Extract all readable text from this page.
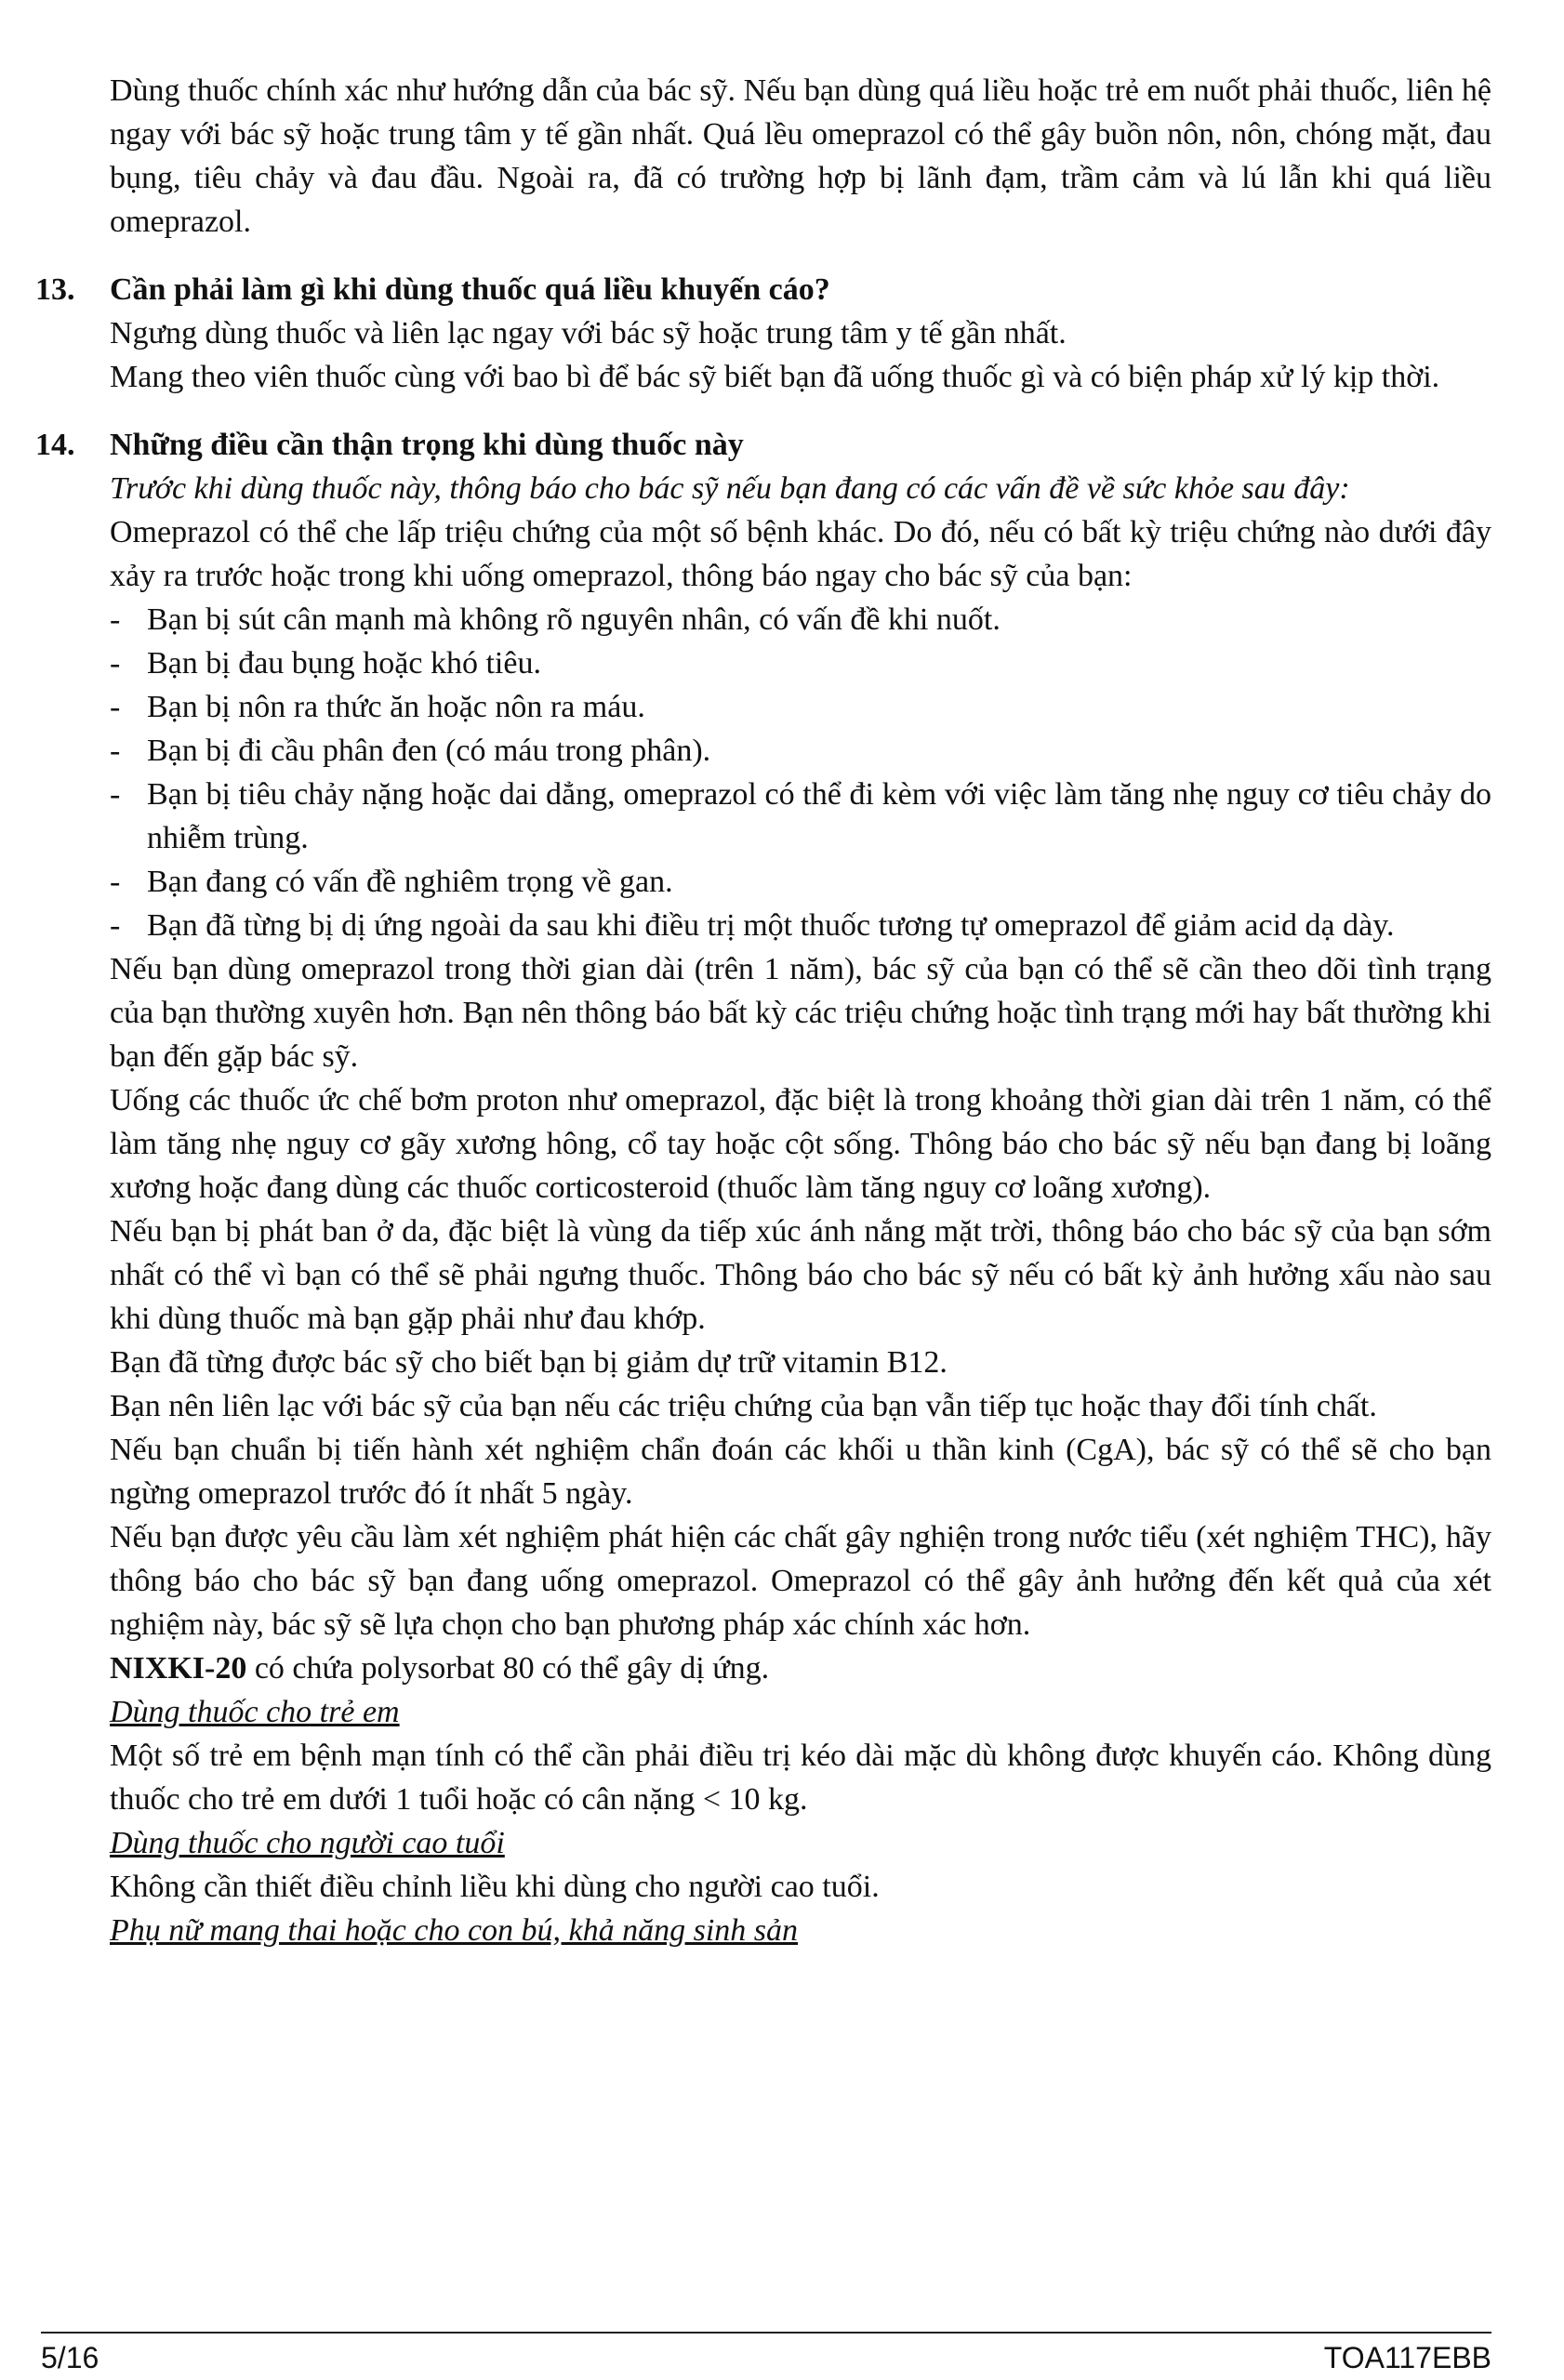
Dùng thuốc chính xác như hướng dẫn của bác sỹ. Nếu bạn dùng quá liều hoặc trẻ em nuốt phải thuốc, liên hệ ngay với bác sỹ hoặc trung tâm y tế gần nhất. Quá lều omeprazol có thể gây buồn nôn, nôn, chóng mặt, đau bụng, tiêu chảy và đau đầu. Ngoài ra, đã có trường hợp bị lãnh đạm, trầm cảm và lú lẫn khi quá liều omeprazol.

13. Cần phải làm gì khi dùng thuốc quá liều khuyến cáo?

Ngưng dùng thuốc và liên lạc ngay với bác sỹ hoặc trung tâm y tế gần nhất.

Mang theo viên thuốc cùng với bao bì để bác sỹ biết bạn đã uống thuốc gì và có biện pháp xử lý kịp thời.

14. Những điều cần thận trọng khi dùng thuốc này

Trước khi dùng thuốc này, thông báo cho bác sỹ nếu bạn đang có các vấn đề về sức khỏe sau đây:

Omeprazol có thể che lấp triệu chứng của một số bệnh khác. Do đó, nếu có bất kỳ triệu chứng nào dưới đây xảy ra trước hoặc trong khi uống omeprazol, thông báo ngay cho bác sỹ của bạn:

- Bạn bị sút cân mạnh mà không rõ nguyên nhân, có vấn đề khi nuốt.
- Bạn bị đau bụng hoặc khó tiêu.
- Bạn bị nôn ra thức ăn hoặc nôn ra máu.
- Bạn bị đi cầu phân đen (có máu trong phân).
- Bạn bị tiêu chảy nặng hoặc dai dẳng, omeprazol có thể đi kèm với việc làm tăng nhẹ nguy cơ tiêu chảy do nhiễm trùng.
- Bạn đang có vấn đề nghiêm trọng về gan.
- Bạn đã từng bị dị ứng ngoài da sau khi điều trị một thuốc tương tự omeprazol để giảm acid dạ dày.

Nếu bạn dùng omeprazol trong thời gian dài (trên 1 năm), bác sỹ của bạn có thể sẽ cần theo dõi tình trạng của bạn thường xuyên hơn. Bạn nên thông báo bất kỳ các triệu chứng hoặc tình trạng mới hay bất thường khi bạn đến gặp bác sỹ.

Uống các thuốc ức chế bơm proton như omeprazol, đặc biệt là trong khoảng thời gian dài trên 1 năm, có thể làm tăng nhẹ nguy cơ gãy xương hông, cổ tay hoặc cột sống. Thông báo cho bác sỹ nếu bạn đang bị loãng xương hoặc đang dùng các thuốc corticosteroid (thuốc làm tăng nguy cơ loãng xương).

Nếu bạn bị phát ban ở da, đặc biệt là vùng da tiếp xúc ánh nắng mặt trời, thông báo cho bác sỹ của bạn sớm nhất có thể vì bạn có thể sẽ phải ngưng thuốc. Thông báo cho bác sỹ nếu có bất kỳ ảnh hưởng xấu nào sau khi dùng thuốc mà bạn gặp phải như đau khớp.

Bạn đã từng được bác sỹ cho biết bạn bị giảm dự trữ vitamin B12.

Bạn nên liên lạc với bác sỹ của bạn nếu các triệu chứng của bạn vẫn tiếp tục hoặc thay đổi tính chất.

Nếu bạn chuẩn bị tiến hành xét nghiệm chẩn đoán các khối u thần kinh (CgA), bác sỹ có thể sẽ cho bạn ngừng omeprazol trước đó ít nhất 5 ngày.

Nếu bạn được yêu cầu làm xét nghiệm phát hiện các chất gây nghiện trong nước tiểu (xét nghiệm THC), hãy thông báo cho bác sỹ bạn đang uống omeprazol. Omeprazol có thể gây ảnh hưởng đến kết quả của xét nghiệm này, bác sỹ sẽ lựa chọn cho bạn phương pháp xác chính xác hơn.

NIXKI-20 có chứa polysorbat 80 có thể gây dị ứng.

Dùng thuốc cho trẻ em

Một số trẻ em bệnh mạn tính có thể cần phải điều trị kéo dài mặc dù không được khuyến cáo. Không dùng thuốc cho trẻ em dưới 1 tuổi hoặc có cân nặng < 10 kg.

Dùng thuốc cho người cao tuổi

Không cần thiết điều chỉnh liều khi dùng cho người cao tuổi.

Phụ nữ mang thai hoặc cho con bú, khả năng sinh sản

5/16	TOA117EBB
